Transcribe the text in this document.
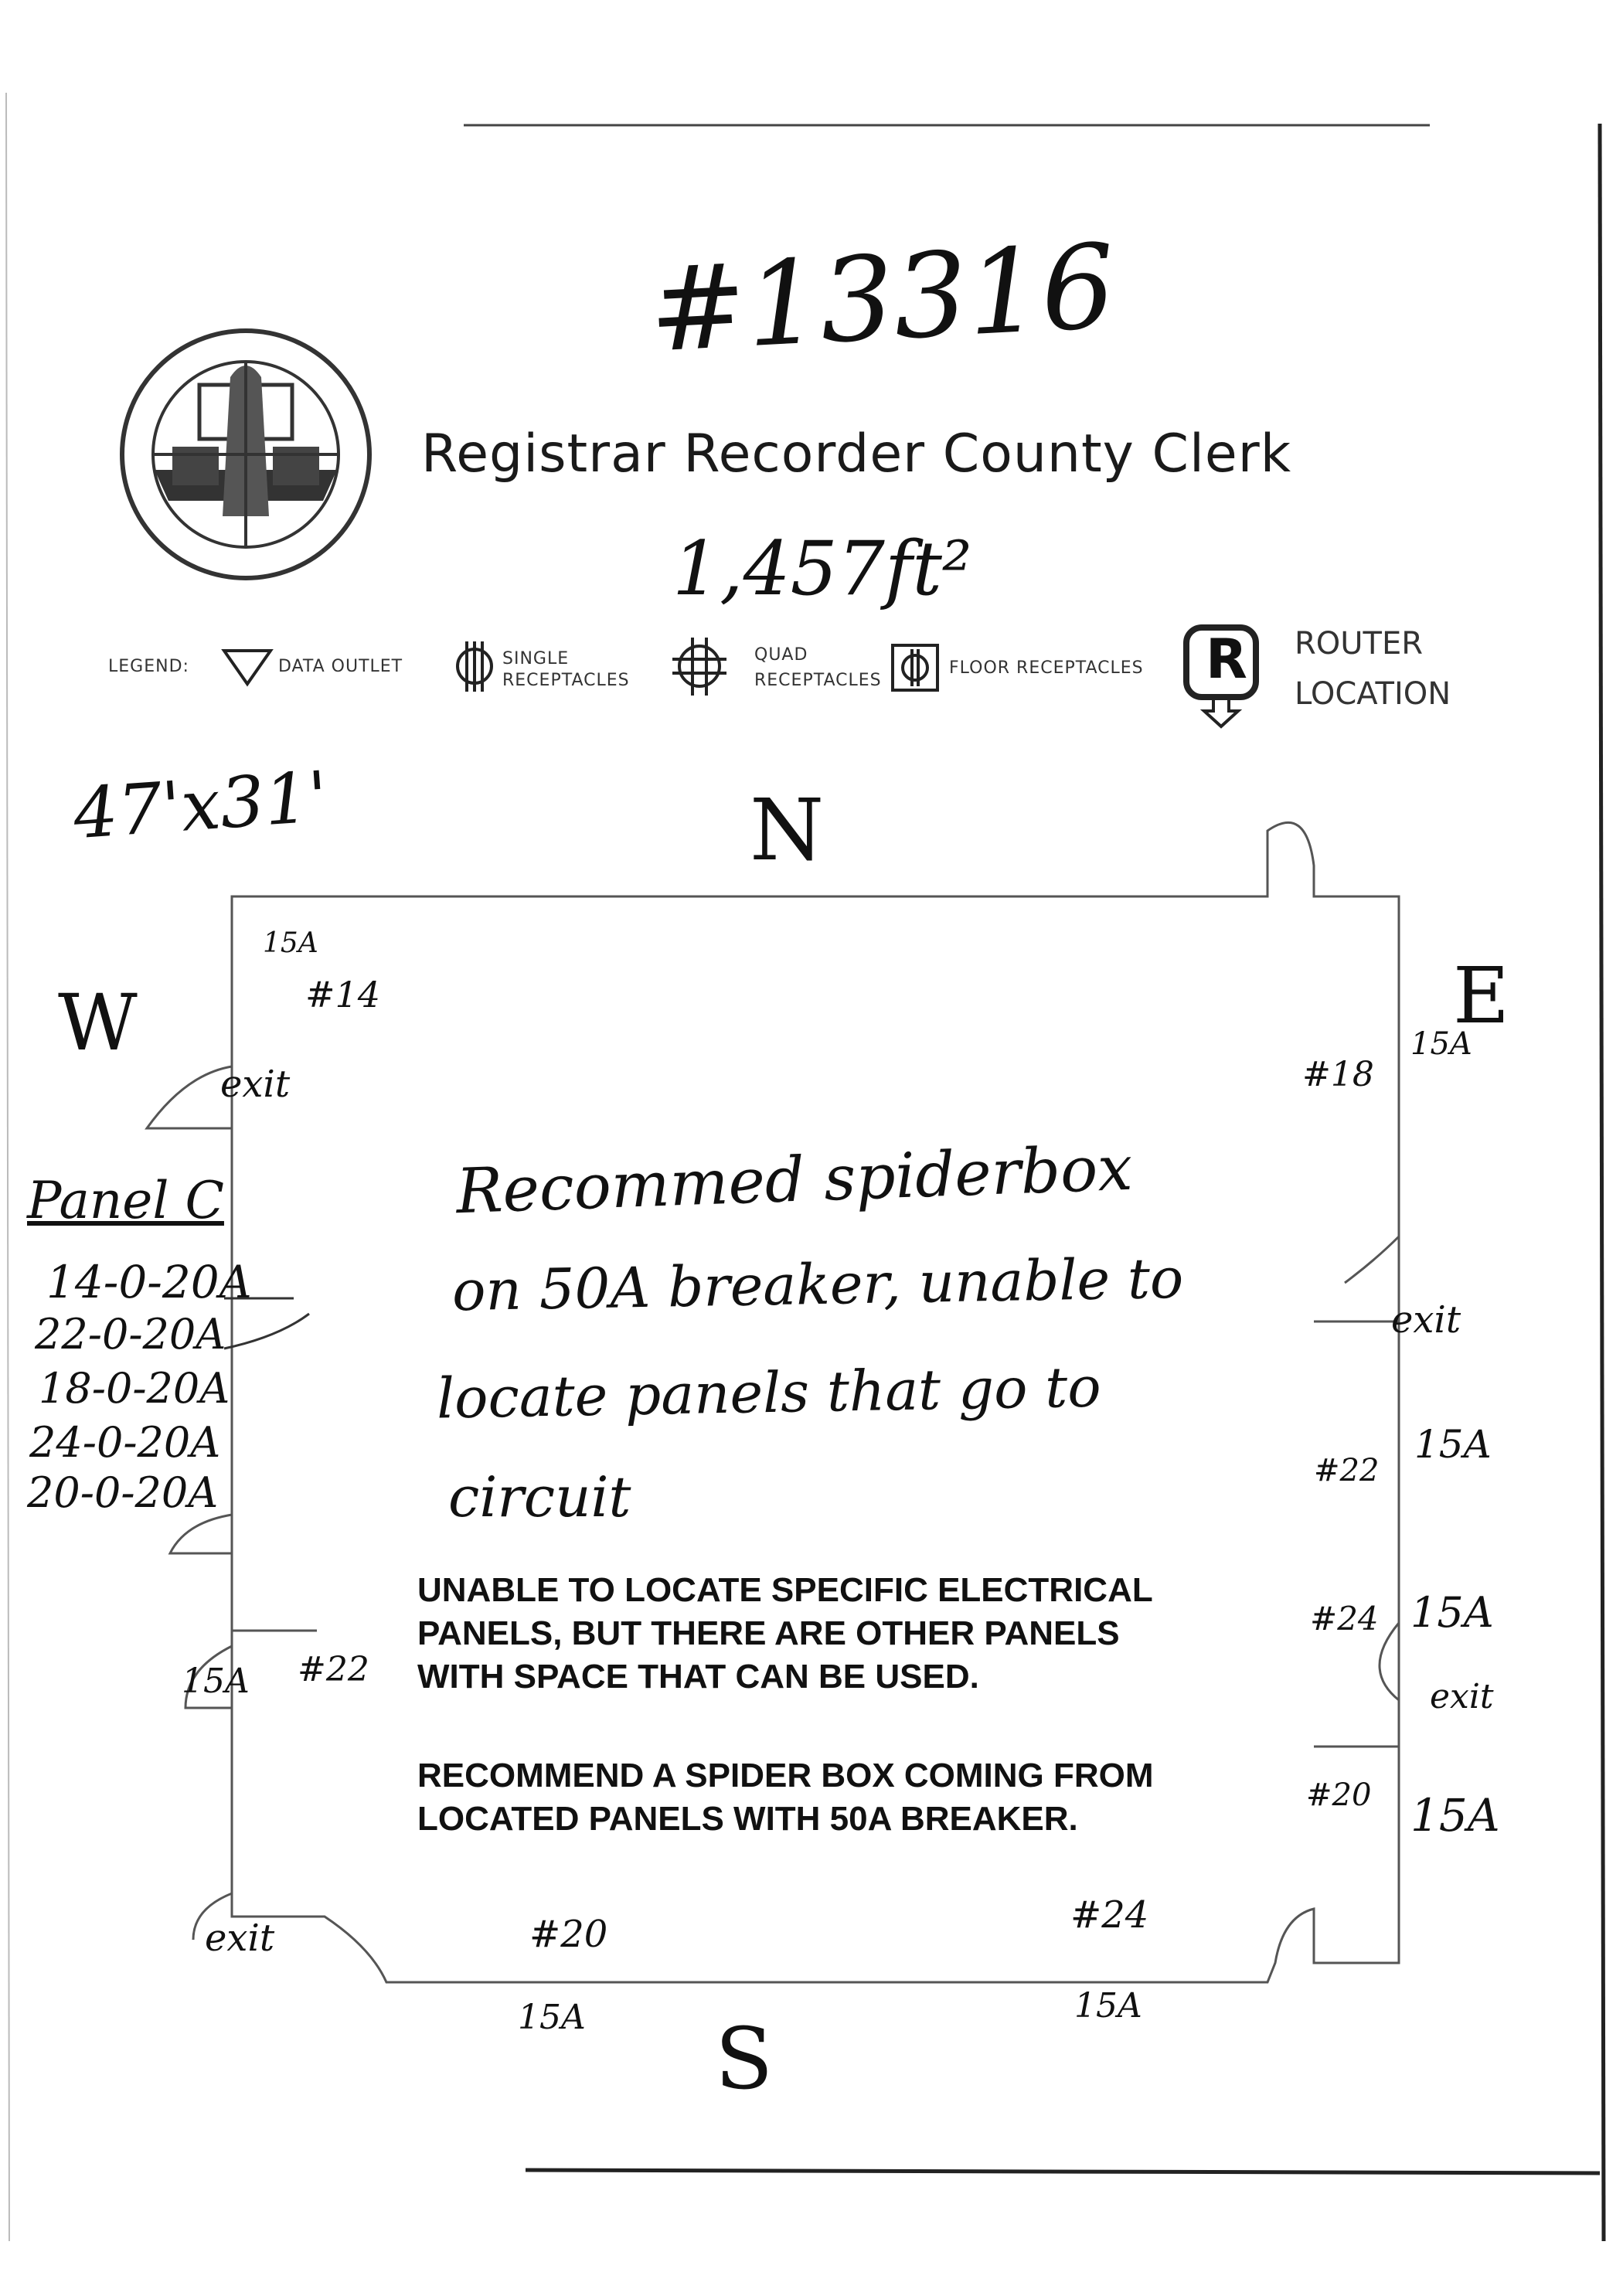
#13316
Registrar Recorder County Clerk
1,457ft²
LEGEND:	DATA OUTLET	SINGLE
RECEPTACLES
QUAD
RECEPTACLES
FLOOR RECEPTACLES R ROUTER
LOCATION
47'x31'	N
S
E
W
exit
exit
exit
exit
Panel C
14-0-20A
22-0-20A
18-0-20A
24-0-20A
20-0-20A
15A
#14
#18
15A
#22
15A
#24 15A
#20 15A
15A #22
#20
15A
#24
15A
Recommed spiderbox
on 50A breaker, unable to
locate panels that go to
circuit
UNABLE TO LOCATE SPECIFIC ELECTRICAL PANELS, BUT THERE ARE OTHER PANELS WITH SPACE THAT CAN BE USED.
RECOMMEND A SPIDER BOX COMING FROM LOCATED PANELS WITH 50A BREAKER.
